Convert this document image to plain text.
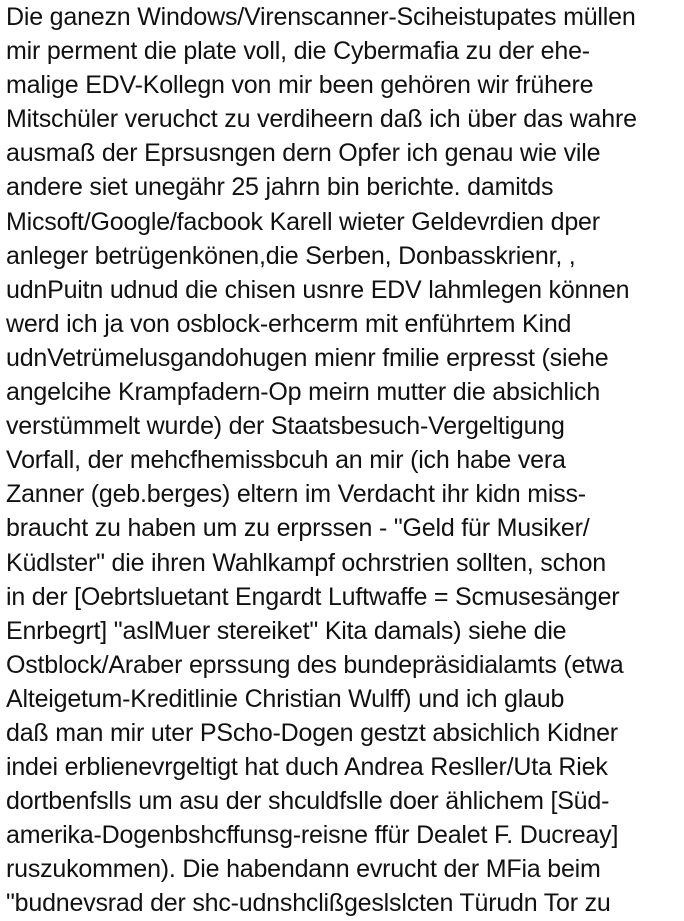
Die ganezn Windows/Virenscanner-Sciheistupates müllen
mir perment die plate voll, die Cybermafia zu der ehe-
malige EDV-Kollegn von mir been gehören wir frühere
Mitschüler veruchct zu verdiheern daß ich über das wahre
ausmaß der Eprsusngen dern Opfer ich genau wie vile
andere siet unegähr 25 jahrn bin berichte. damitds
Micsoft/Google/facbook Karell wieter Geldevrdien dper
anleger betrügenkönen,die Serben, Donbasskrienr, ,
udnPuitn udnud die chisen usnre EDV lahmlegen können
werd ich ja von osblock-erhcerm mit enführtem Kind
udnVetrümelusgandohugen mienr fmilie erpresst (siehe
angelcihe Krampfadern-Op meirn mutter die absichlich
verstümmelt wurde) der Staatsbesuch-Vergeltigung
Vorfall, der mehcfhemissbcuh an mir (ich habe vera
Zanner (geb.berges) eltern im Verdacht ihr kidn miss-
braucht zu haben um zu erprssen - "Geld für Musiker/
Küdlster" die ihren Wahlkampf ochrstrien sollten, schon
in der [Oebrtsluetant Engardt Luftwaffe = Scmusesänger
Enrbegrt] "aslMuer stereiket" Kita damals) siehe die
Ostblock/Araber eprssung des bundepräsidialamts (etwa
Alteigetum-Kreditlinie Christian Wulff) und ich glaub
daß man mir uter PScho-Dogen gestzt absichlich Kidner
indei erblienevrgeltigt hat duch Andrea Resller/Uta Riek
dortbenfslls um asu der shculdfslle doer ählichem [Süd-
amerika-Dogenbshcffunsg-reisne ffür Dealet F. Ducreay]
ruszukommen). Die habendann evrucht der MFia beim
"budnevsrad der shc-udnshclißgeslslcten Türudn Tor zu
